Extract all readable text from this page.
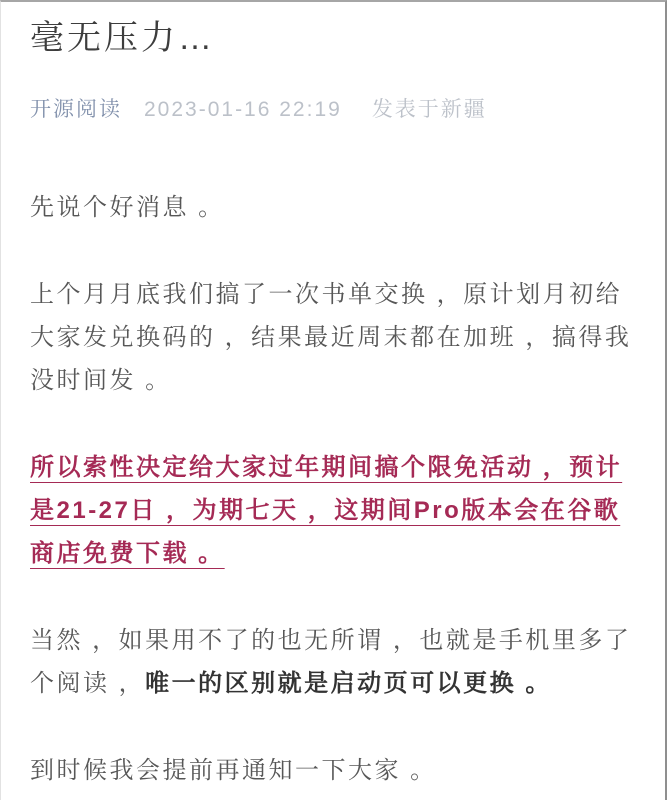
毫无压力…
开源阅读 2023-01-16 22:19 发表于新疆

先说个好消息 。

上个月月底我们搞了一次书单交换 ，原计划月初给大家发兑换码的 ，结果最近周末都在加班 ，搞得我没时间发 。

所以索性决定给大家过年期间搞个限免活动 ，预计是21-27日 ，为期七天 ，这期间Pro版本会在谷歌商店免费下载 。

当然 ，如果用不了的也无所谓 ，也就是手机里多了个阅读 ，唯一的区别就是启动页可以更换 。

到时候我会提前再通知一下大家 。
